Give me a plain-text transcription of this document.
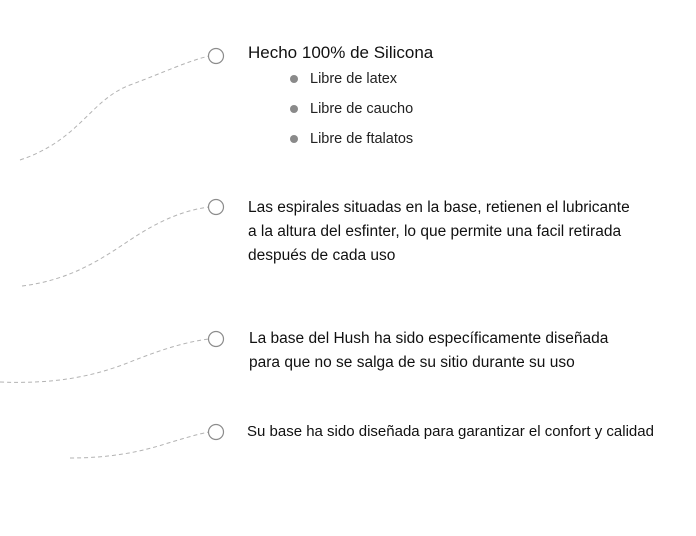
Hecho 100% de Silicona
Libre de latex
Libre de caucho
Libre de ftalatos
Las espirales situadas en la base, retienen el lubricante
a la altura del esfinter, lo que permite una facil retirada
después de cada uso
La base del Hush ha sido específicamente diseñada
para que no se salga de su sitio durante su uso
Su base ha sido diseñada para garantizar el confort y calidad
